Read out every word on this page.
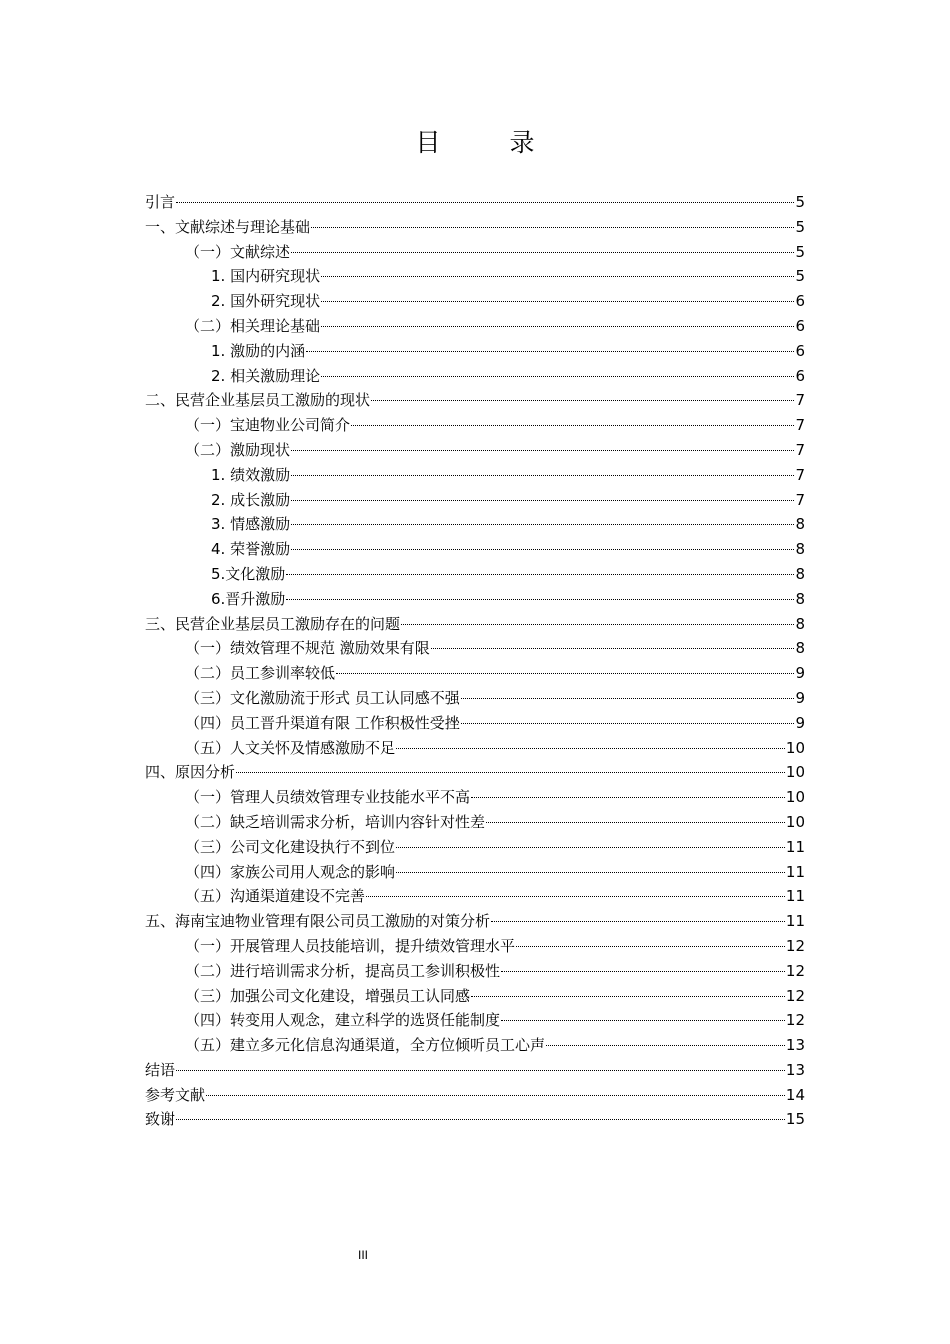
目　录
引言	5
一、文献综述与理论基础	5
（一）文献综述	5
1. 国内研究现状	5
2. 国外研究现状	6
（二）相关理论基础	6
1. 激励的内涵	6
2. 相关激励理论	6
二、民营企业基层员工激励的现状	7
（一）宝迪物业公司简介	7
（二）激励现状	7
1. 绩效激励	7
2. 成长激励	7
3. 情感激励	8
4. 荣誉激励	8
5.文化激励	8
6.晋升激励	8
三、民营企业基层员工激励存在的问题	8
（一）绩效管理不规范 激励效果有限	8
（二）员工参训率较低	9
（三）文化激励流于形式 员工认同感不强	9
（四）员工晋升渠道有限 工作积极性受挫	9
（五）人文关怀及情感激励不足	10
四、原因分析	10
（一）管理人员绩效管理专业技能水平不高	10
（二）缺乏培训需求分析，培训内容针对性差	10
（三）公司文化建设执行不到位	11
（四）家族公司用人观念的影响	11
（五）沟通渠道建设不完善	11
五、海南宝迪物业管理有限公司员工激励的对策分析	11
（一）开展管理人员技能培训，提升绩效管理水平	12
（二）进行培训需求分析，提高员工参训积极性	12
（三）加强公司文化建设，增强员工认同感	12
（四）转变用人观念，建立科学的选贤任能制度	12
（五）建立多元化信息沟通渠道，全方位倾听员工心声	13
结语	13
参考文献	14
致谢	15
III
